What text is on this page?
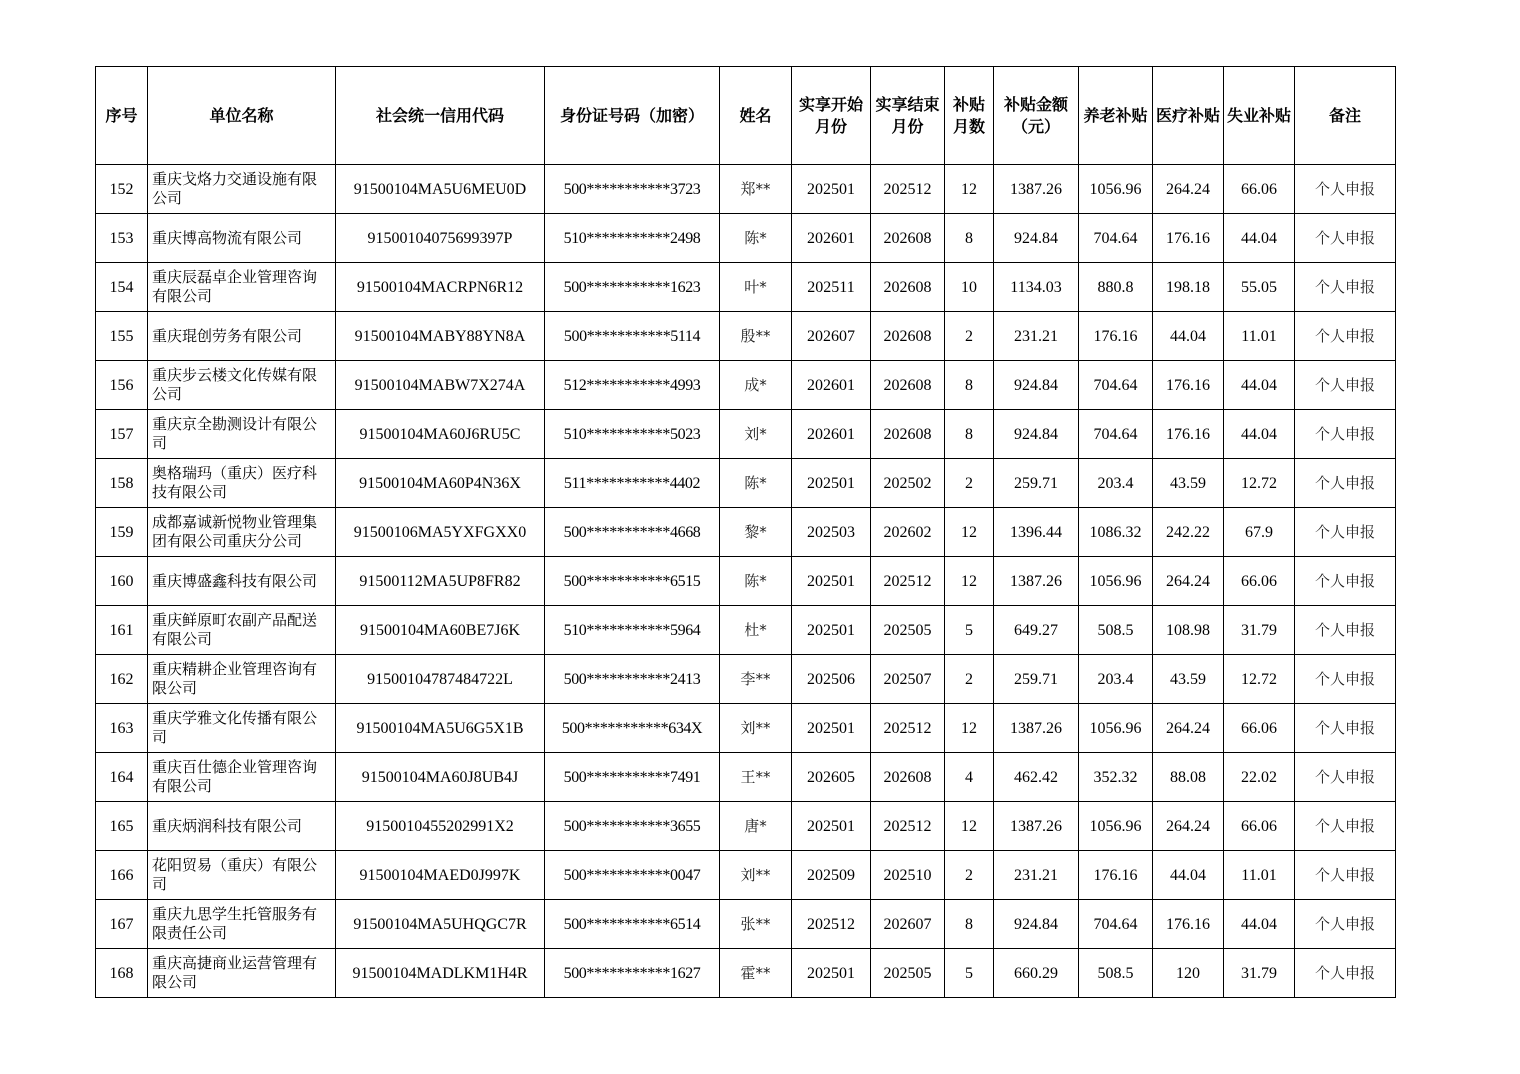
序号	单位名称	社会统一信用代码	身份证号码（加密）	姓名	实享开始月份	实享结束月份	补贴月数	补贴金额（元）	养老补贴	医疗补贴	失业补贴	备注
152	重庆戈烙力交通设施有限公司	91500104MA5U6MEU0D	500***********3723	郑**	202501	202512	12	1387.26	1056.96	264.24	66.06	个人申报
153	重庆博高物流有限公司	91500104075699397P	510***********2498	陈*	202601	202608	8	924.84	704.64	176.16	44.04	个人申报
154	重庆辰磊卓企业管理咨询有限公司	91500104MACRPN6R12	500***********1623	叶*	202511	202608	10	1134.03	880.8	198.18	55.05	个人申报
155	重庆琨创劳务有限公司	91500104MABY88YN8A	500***********5114	殷**	202607	202608	2	231.21	176.16	44.04	11.01	个人申报
156	重庆步云楼文化传媒有限公司	91500104MABW7X274A	512***********4993	成*	202601	202608	8	924.84	704.64	176.16	44.04	个人申报
157	重庆京全勘测设计有限公司	91500104MA60J6RU5C	510***********5023	刘*	202601	202608	8	924.84	704.64	176.16	44.04	个人申报
158	奥格瑞玛（重庆）医疗科技有限公司	91500104MA60P4N36X	511***********4402	陈*	202501	202502	2	259.71	203.4	43.59	12.72	个人申报
159	成都嘉诚新悦物业管理集团有限公司重庆分公司	91500106MA5YXFGXX0	500***********4668	黎*	202503	202602	12	1396.44	1086.32	242.22	67.9	个人申报
160	重庆博盛鑫科技有限公司	91500112MA5UP8FR82	500***********6515	陈*	202501	202512	12	1387.26	1056.96	264.24	66.06	个人申报
161	重庆鲜原町农副产品配送有限公司	91500104MA60BE7J6K	510***********5964	杜*	202501	202505	5	649.27	508.5	108.98	31.79	个人申报
162	重庆精耕企业管理咨询有限公司	91500104787484722L	500***********2413	李**	202506	202507	2	259.71	203.4	43.59	12.72	个人申报
163	重庆学雅文化传播有限公司	91500104MA5U6G5X1B	500***********634X	刘**	202501	202512	12	1387.26	1056.96	264.24	66.06	个人申报
164	重庆百仕德企业管理咨询有限公司	91500104MA60J8UB4J	500***********7491	王**	202605	202608	4	462.42	352.32	88.08	22.02	个人申报
165	重庆炳润科技有限公司	9150010455202991X2	500***********3655	唐*	202501	202512	12	1387.26	1056.96	264.24	66.06	个人申报
166	花阳贸易（重庆）有限公司	91500104MAED0J997K	500***********0047	刘**	202509	202510	2	231.21	176.16	44.04	11.01	个人申报
167	重庆九思学生托管服务有限责任公司	91500104MA5UHQGC7R	500***********6514	张**	202512	202607	8	924.84	704.64	176.16	44.04	个人申报
168	重庆高捷商业运营管理有限公司	91500104MADLKM1H4R	500***********1627	霍**	202501	202505	5	660.29	508.5	120	31.79	个人申报
